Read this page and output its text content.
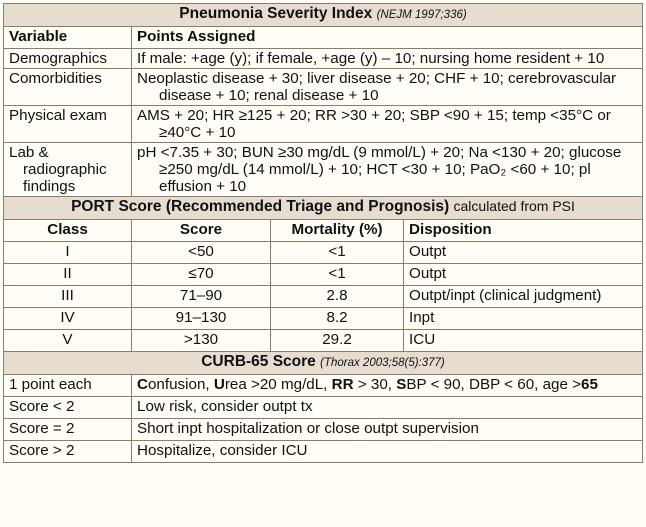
Pneumonia Severity Index (NEJM 1997;336)			
Variable	Points Assigned		
Demographics	If male: +age (y); if female, +age (y) – 10; nursing home resident + 10		

Comorbidities	Neoplastic disease + 30; liver disease + 20; CHF + 10; cerebrovascular disease + 10; renal disease + 10		

Physical exam	AMS + 20; HR ≥125 + 20; RR >30 + 20; SBP <90 + 15; temp <35°C or ≥40°C + 10		

Lab & radiographic findings	pH <7.35 + 30; BUN ≥30 mg/dL (9 mmol/L) + 20; Na <130 + 20; glucose ≥250 mg/dL (14 mmol/L) + 10; HCT <30 + 10; PaO₂ <60 + 10; pl effusion + 10		

PORT Score (Recommended Triage and Prognosis) calculated from PSI			
Class	Score	Mortality (%)	Disposition
I	<50	<1	Outpt
II	≤70	<1	Outpt
III	71–90	2.8	Outpt/inpt (clinical judgment)
IV	91–130	8.2	Inpt
V	>130	29.2	ICU
CURB-65 Score (Thorax 2003;58(5):377)			
1 point each	Confusion, Urea >20 mg/dL, RR > 30, SBP < 90, DBP < 60, age >65		
Score < 2	Low risk, consider outpt tx		
Score = 2	Short inpt hospitalization or close outpt supervision		
Score > 2	Hospitalize, consider ICU		
